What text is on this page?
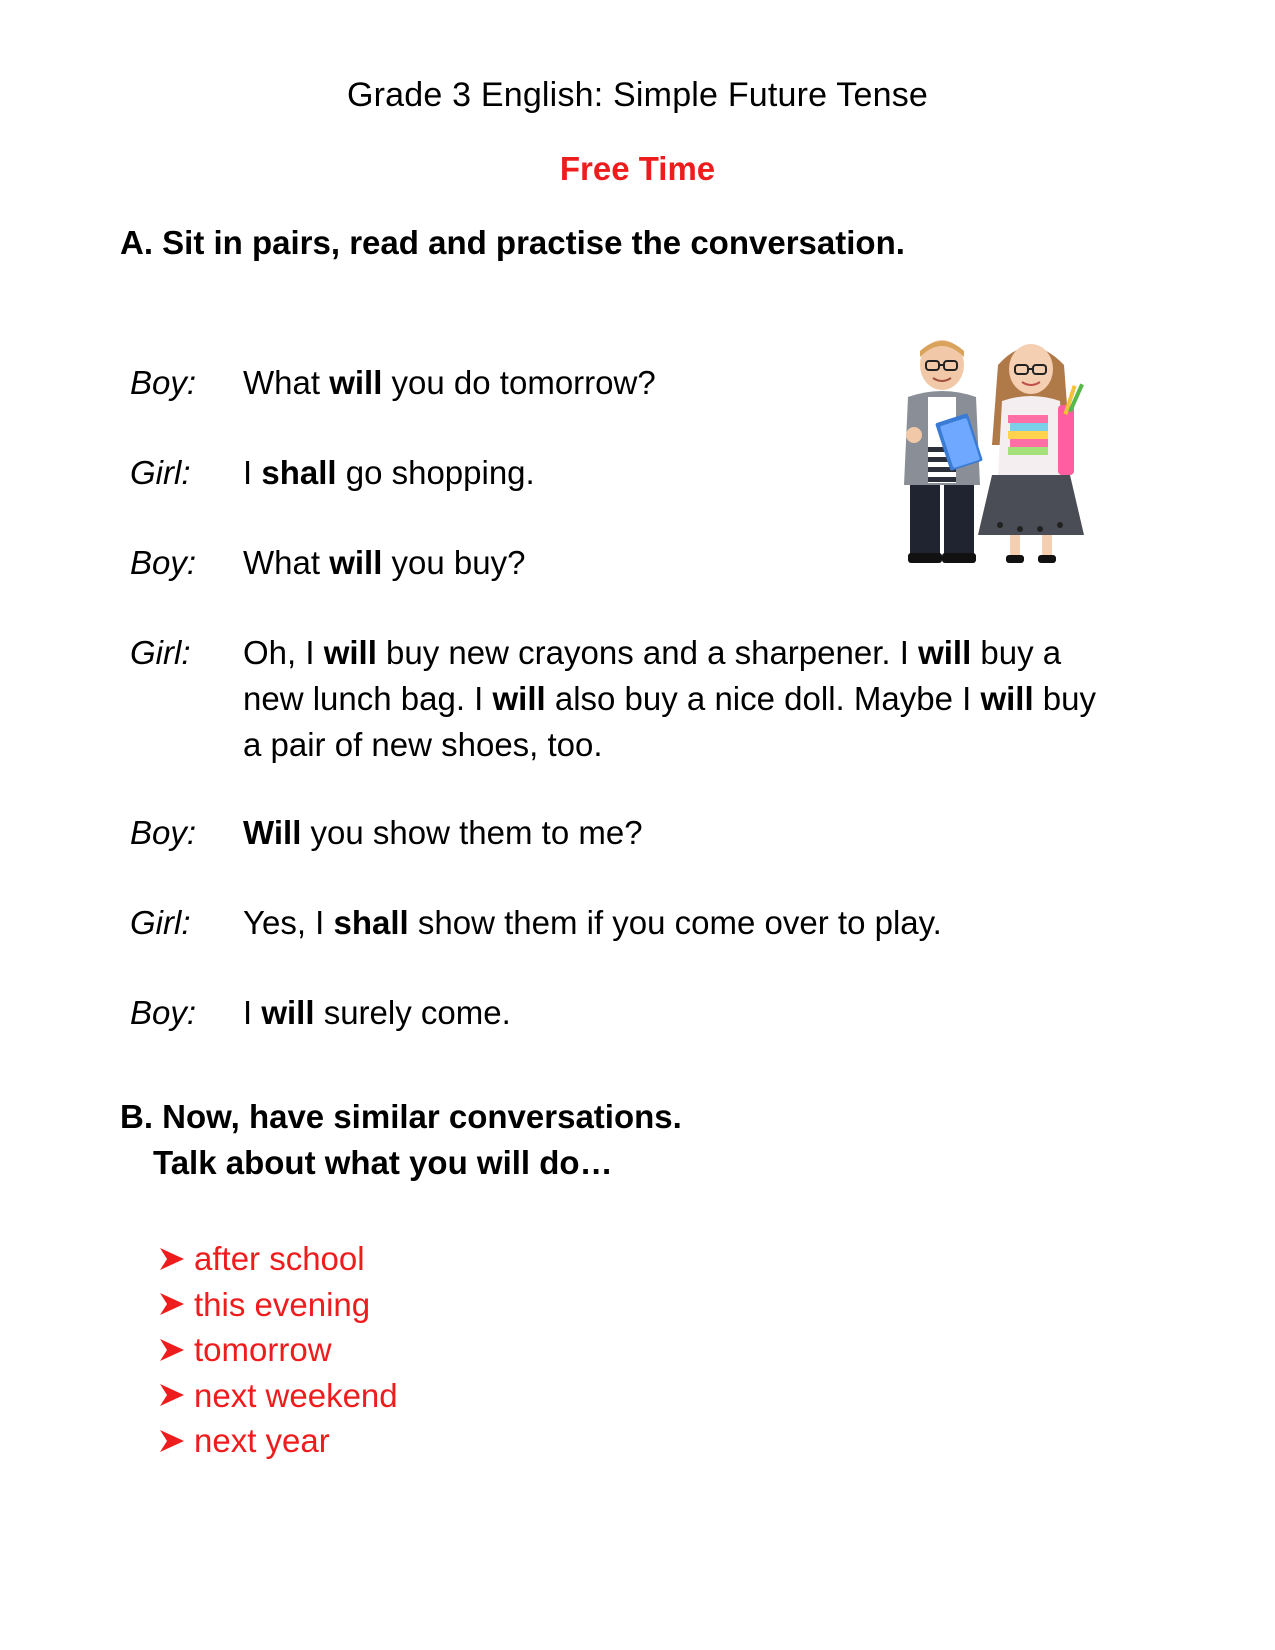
Grade 3 English: Simple Future Tense
Free Time
A. Sit in pairs, read and practise the conversation.
Boy:	What will you do tomorrow?
Girl:	I shall go shopping.
Boy:	What will you buy?
Girl:	Oh, I will buy new crayons and a sharpener. I will buy a new lunch bag. I will also buy a nice doll. Maybe I will buy a pair of new shoes, too.
Boy:	Will you show them to me?
Girl:	Yes, I shall show them if you come over to play.
Boy:	I will surely come.
B. Now, have similar conversations.
Talk about what you will do…
after school
this evening
tomorrow
next weekend
next year
